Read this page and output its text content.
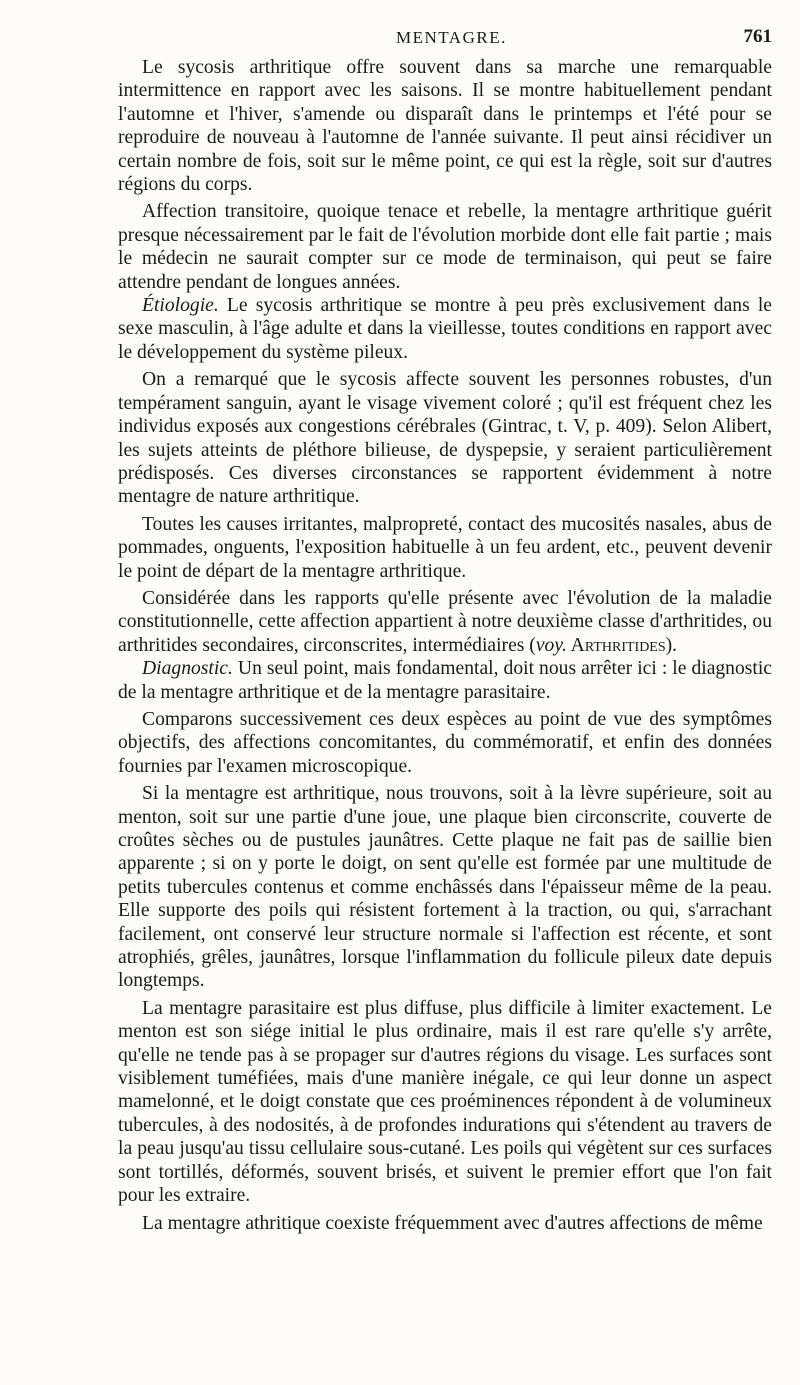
MENTAGRE.	761

Le sycosis arthritique offre souvent dans sa marche une remarquable intermittence en rapport avec les saisons. Il se montre habituellement pendant l'automne et l'hiver, s'amende ou disparaît dans le printemps et l'été pour se reproduire de nouveau à l'automne de l'année suivante. Il peut ainsi récidiver un certain nombre de fois, soit sur le même point, ce qui est la règle, soit sur d'autres régions du corps.

Affection transitoire, quoique tenace et rebelle, la mentagre arthritique guérit presque nécessairement par le fait de l'évolution morbide dont elle fait partie ; mais le médecin ne saurait compter sur ce mode de terminaison, qui peut se faire attendre pendant de longues années.

Étiologie. Le sycosis arthritique se montre à peu près exclusivement dans le sexe masculin, à l'âge adulte et dans la vieillesse, toutes conditions en rapport avec le développement du système pileux.

On a remarqué que le sycosis affecte souvent les personnes robustes, d'un tempérament sanguin, ayant le visage vivement coloré ; qu'il est fréquent chez les individus exposés aux congestions cérébrales (Gintrac, t. V, p. 409). Selon Alibert, les sujets atteints de pléthore bilieuse, de dyspepsie, y seraient particulièrement prédisposés. Ces diverses circonstances se rapportent évidemment à notre mentagre de nature arthritique.

Toutes les causes irritantes, malpropreté, contact des mucosités nasales, abus de pommades, onguents, l'exposition habituelle à un feu ardent, etc., peuvent devenir le point de départ de la mentagre arthritique.

Considérée dans les rapports qu'elle présente avec l'évolution de la maladie constitutionnelle, cette affection appartient à notre deuxième classe d'arthritides, ou arthritides secondaires, circonscrites, intermédiaires (voy. Arthritides).

Diagnostic. Un seul point, mais fondamental, doit nous arrêter ici : le diagnostic de la mentagre arthritique et de la mentagre parasitaire.

Comparons successivement ces deux espèces au point de vue des symptômes objectifs, des affections concomitantes, du commémoratif, et enfin des données fournies par l'examen microscopique.

Si la mentagre est arthritique, nous trouvons, soit à la lèvre supérieure, soit au menton, soit sur une partie d'une joue, une plaque bien circonscrite, couverte de croûtes sèches ou de pustules jaunâtres. Cette plaque ne fait pas de saillie bien apparente ; si on y porte le doigt, on sent qu'elle est formée par une multitude de petits tubercules contenus et comme enchâssés dans l'épaisseur même de la peau. Elle supporte des poils qui résistent fortement à la traction, ou qui, s'arrachant facilement, ont conservé leur structure normale si l'affection est récente, et sont atrophiés, grêles, jaunâtres, lorsque l'inflammation du follicule pileux date depuis longtemps.

La mentagre parasitaire est plus diffuse, plus difficile à limiter exactement. Le menton est son siége initial le plus ordinaire, mais il est rare qu'elle s'y arrête, qu'elle ne tende pas à se propager sur d'autres régions du visage. Les surfaces sont visiblement tuméfiées, mais d'une manière inégale, ce qui leur donne un aspect mamelonné, et le doigt constate que ces proéminences répondent à de volumineux tubercules, à des nodosités, à de profondes indurations qui s'étendent au travers de la peau jusqu'au tissu cellulaire sous-cutané. Les poils qui végètent sur ces surfaces sont tortillés, déformés, souvent brisés, et suivent le premier effort que l'on fait pour les extraire.

La mentagre athritique coexiste fréquemment avec d'autres affections de même
